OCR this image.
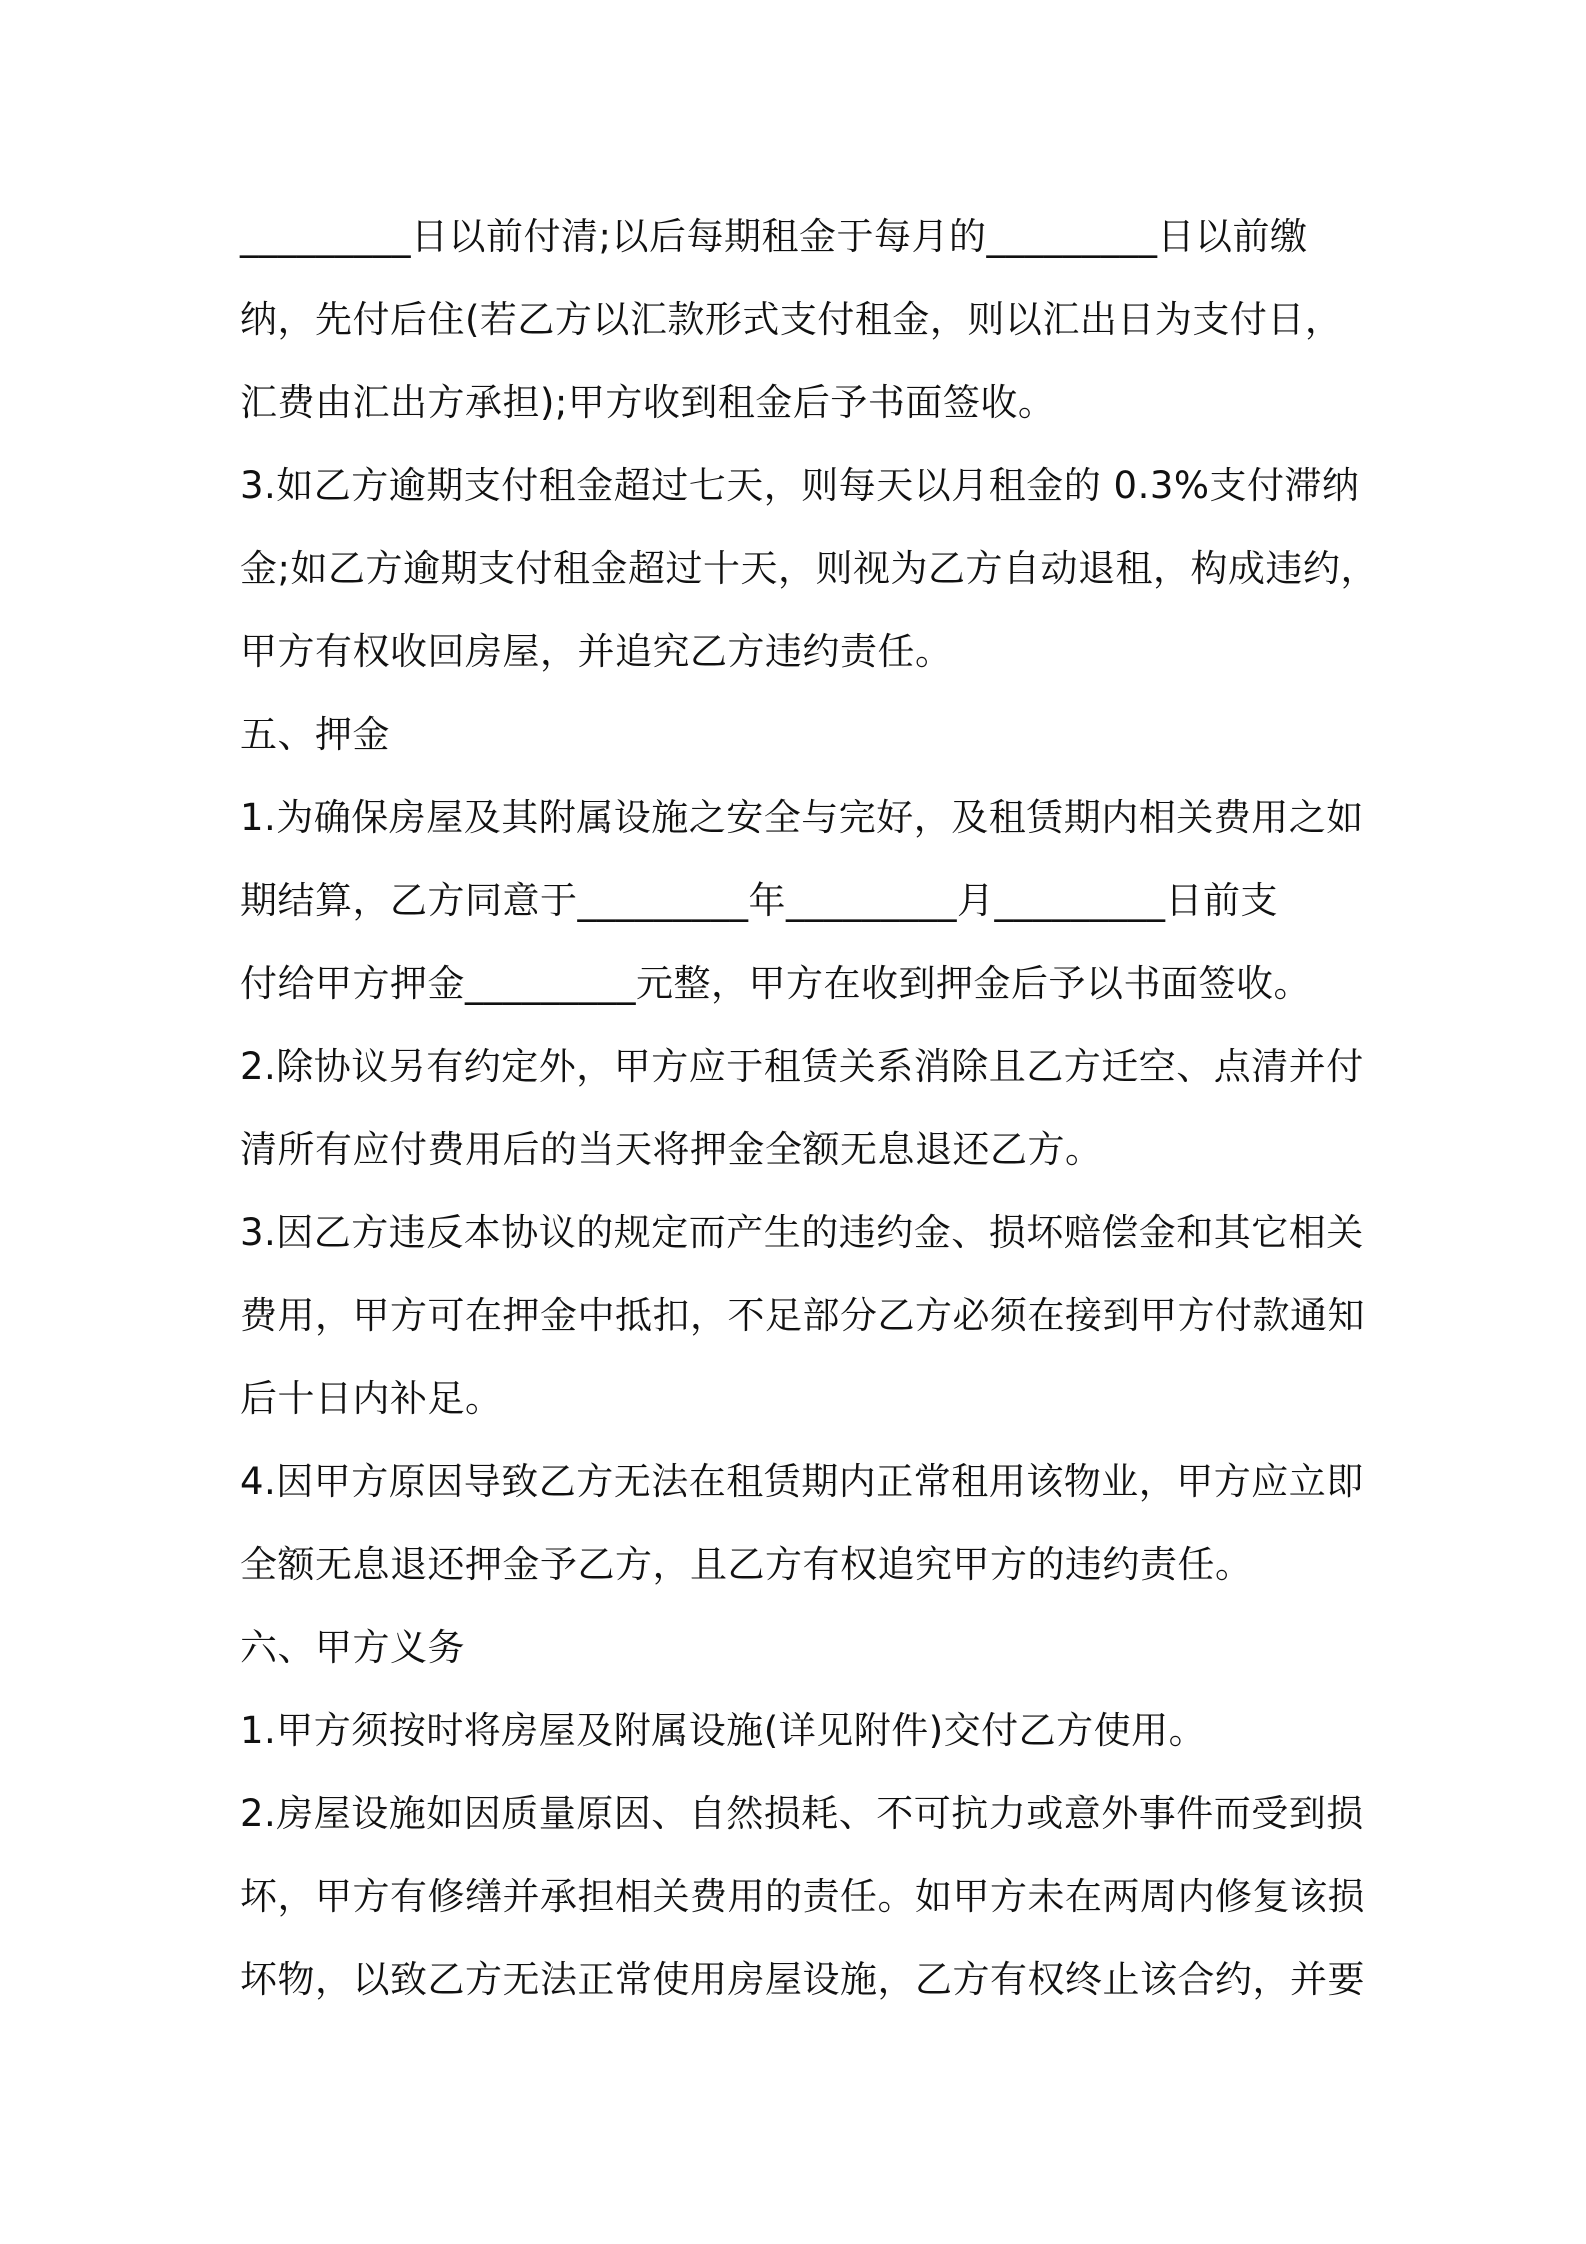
_________日以前付清;以后每期租金于每月的_________日以前缴
纳，先付后住(若乙方以汇款形式支付租金，则以汇出日为支付日，
汇费由汇出方承担);甲方收到租金后予书面签收。
3.如乙方逾期支付租金超过七天，则每天以月租金的 0.3%支付滞纳
金;如乙方逾期支付租金超过十天，则视为乙方自动退租，构成违约，
甲方有权收回房屋，并追究乙方违约责任。
五、押金
1.为确保房屋及其附属设施之安全与完好，及租赁期内相关费用之如
期结算，乙方同意于_________年_________月_________日前支
付给甲方押金_________元整，甲方在收到押金后予以书面签收。
2.除协议另有约定外，甲方应于租赁关系消除且乙方迁空、点清并付
清所有应付费用后的当天将押金全额无息退还乙方。
3.因乙方违反本协议的规定而产生的违约金、损坏赔偿金和其它相关
费用，甲方可在押金中抵扣，不足部分乙方必须在接到甲方付款通知
后十日内补足。
4.因甲方原因导致乙方无法在租赁期内正常租用该物业，甲方应立即
全额无息退还押金予乙方，且乙方有权追究甲方的违约责任。
六、甲方义务
1.甲方须按时将房屋及附属设施(详见附件)交付乙方使用。
2.房屋设施如因质量原因、自然损耗、不可抗力或意外事件而受到损
坏，甲方有修缮并承担相关费用的责任。如甲方未在两周内修复该损
坏物，以致乙方无法正常使用房屋设施，乙方有权终止该合约，并要
